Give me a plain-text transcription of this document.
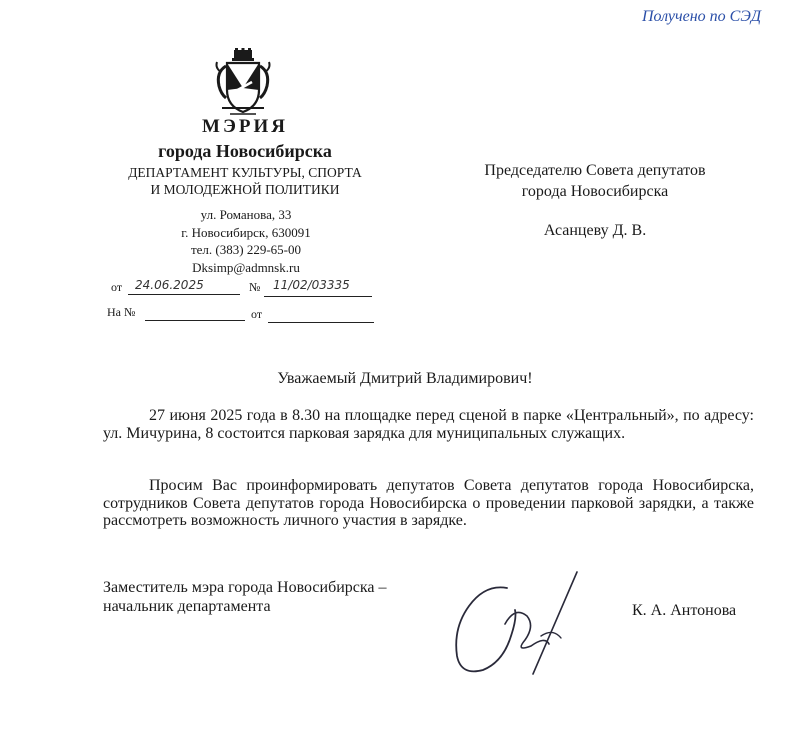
Получено по СЭД
МЭРИЯ
города Новосибирска
ДЕПАРТАМЕНТ КУЛЬТУРЫ, СПОРТА
И МОЛОДЕЖНОЙ ПОЛИТИКИ
ул. Романова, 33
г. Новосибирск, 630091
тел. (383) 229-65-00
Dksimp@admnsk.ru
от 24.06.2025	№ 11/02/03335
На №	от
Председателю Совета депутатов
города Новосибирска
Асанцеву Д. В.
Уважаемый Дмитрий Владимирович!
27 июня 2025 года в 8.30 на площадке перед сценой в парке «Центральный», по адресу: ул. Мичурина, 8 состоится парковая зарядка для муниципальных служащих.
Просим Вас проинформировать депутатов Совета депутатов города Новосибирска, сотрудников Совета депутатов города Новосибирска о проведении парковой зарядки, а также рассмотреть возможность личного участия в зарядке.
Заместитель мэра города Новосибирска –
начальник департамента	К. А. Антонова
